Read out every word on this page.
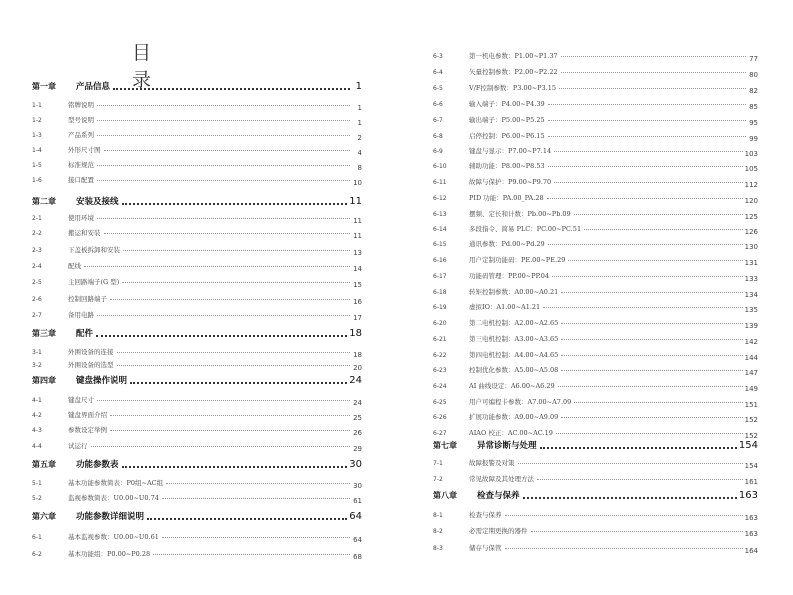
目 录
第一章	产品信息	1
1-1	铭牌说明	1
1-2	型号说明	1
1-3	产品系列	2
1-4	外形尺寸图	4
1-5	标准规范	8
1-6	接口配置	10
第二章	安装及接线	11
2-1	使用环境	11
2-2	搬运和安装	11
2-3	下盖板拆卸和安装	13
2-4	配线	14
2-5	主回路端子(G 型)	15
2-6	控制回路端子	16
2-7	备用电路	17
第三章	配件	18
3-1	外围设备的连接	18
3-2	外围设备的选型	20
第四章	键盘操作说明	24
4-1	键盘尺寸	24
4-2	键盘界面介绍	25
4-3	参数设定举例	26
4-4	试运行	29
第五章	功能参数表	30
5-1	基本功能参数简表：P0组~AC组	30
5-2	监视参数简表：U0.00~U0.74	61
第六章	功能参数详细说明	64
6-1	基本监视参数：U0.00~U0.61	64
6-2	基本功能组：P0.00~P0.28	68
6-3	第一机电参数：P1.00~P1.37	77
6-4	矢量控制参数：P2.00~P2.22	80
6-5	V/F控制参数：P3.00~P3.15	82
6-6	输入端子：P4.00~P4.39	85
6-7	输出端子：P5.00~P5.25	95
6-8	启停控制：P6.00~P6.15	99
6-9	键盘与显示：P7.00~P7.14	103
6-10	辅助功能：P8.00~P8.53	105
6-11	故障与保护：P9.00~P9.70	112
6-12	PID 功能：PA.00_PA.28	120
6-13	摆频、定长和计数：Pb.00~Pb.09	125
6-14	多段指令、简易 PLC：PC.00~PC.51	126
6-15	通讯参数：Pd.00~Pd.29	130
6-16	用户定制功能码：PE.00~PE.29	131
6-17	功能码管理：PP.00~PP.04	133
6-18	转矩控制参数：A0.00~A0.21	134
6-19	虚拟IO：A1.00~A1.21	135
6-20	第二电机控制：A2.00~A2.65	139
6-21	第三电机控制：A3.00~A3.65	142
6-22	第四电机控制：A4.00~A4.65	144
6-23	控制优化参数：A5.00~A5.08	147
6-24	AI 曲线设定：A6.00~A6.29	149
6-25	用户可编程卡参数：A7.00~A7.09	151
6-26	扩展功能参数：A9.00~A9.09	152
6-27	AIAO 校正：AC.00~AC.19	152
第七章	异常诊断与处理	154
7-1	故障报警及对策	154
7-2	常见故障及其处理方法	161
第八章	检查与保养	163
8-1	检查与保养	163
8-2	必需定期更换的器件	163
8-3	储存与保管	164
